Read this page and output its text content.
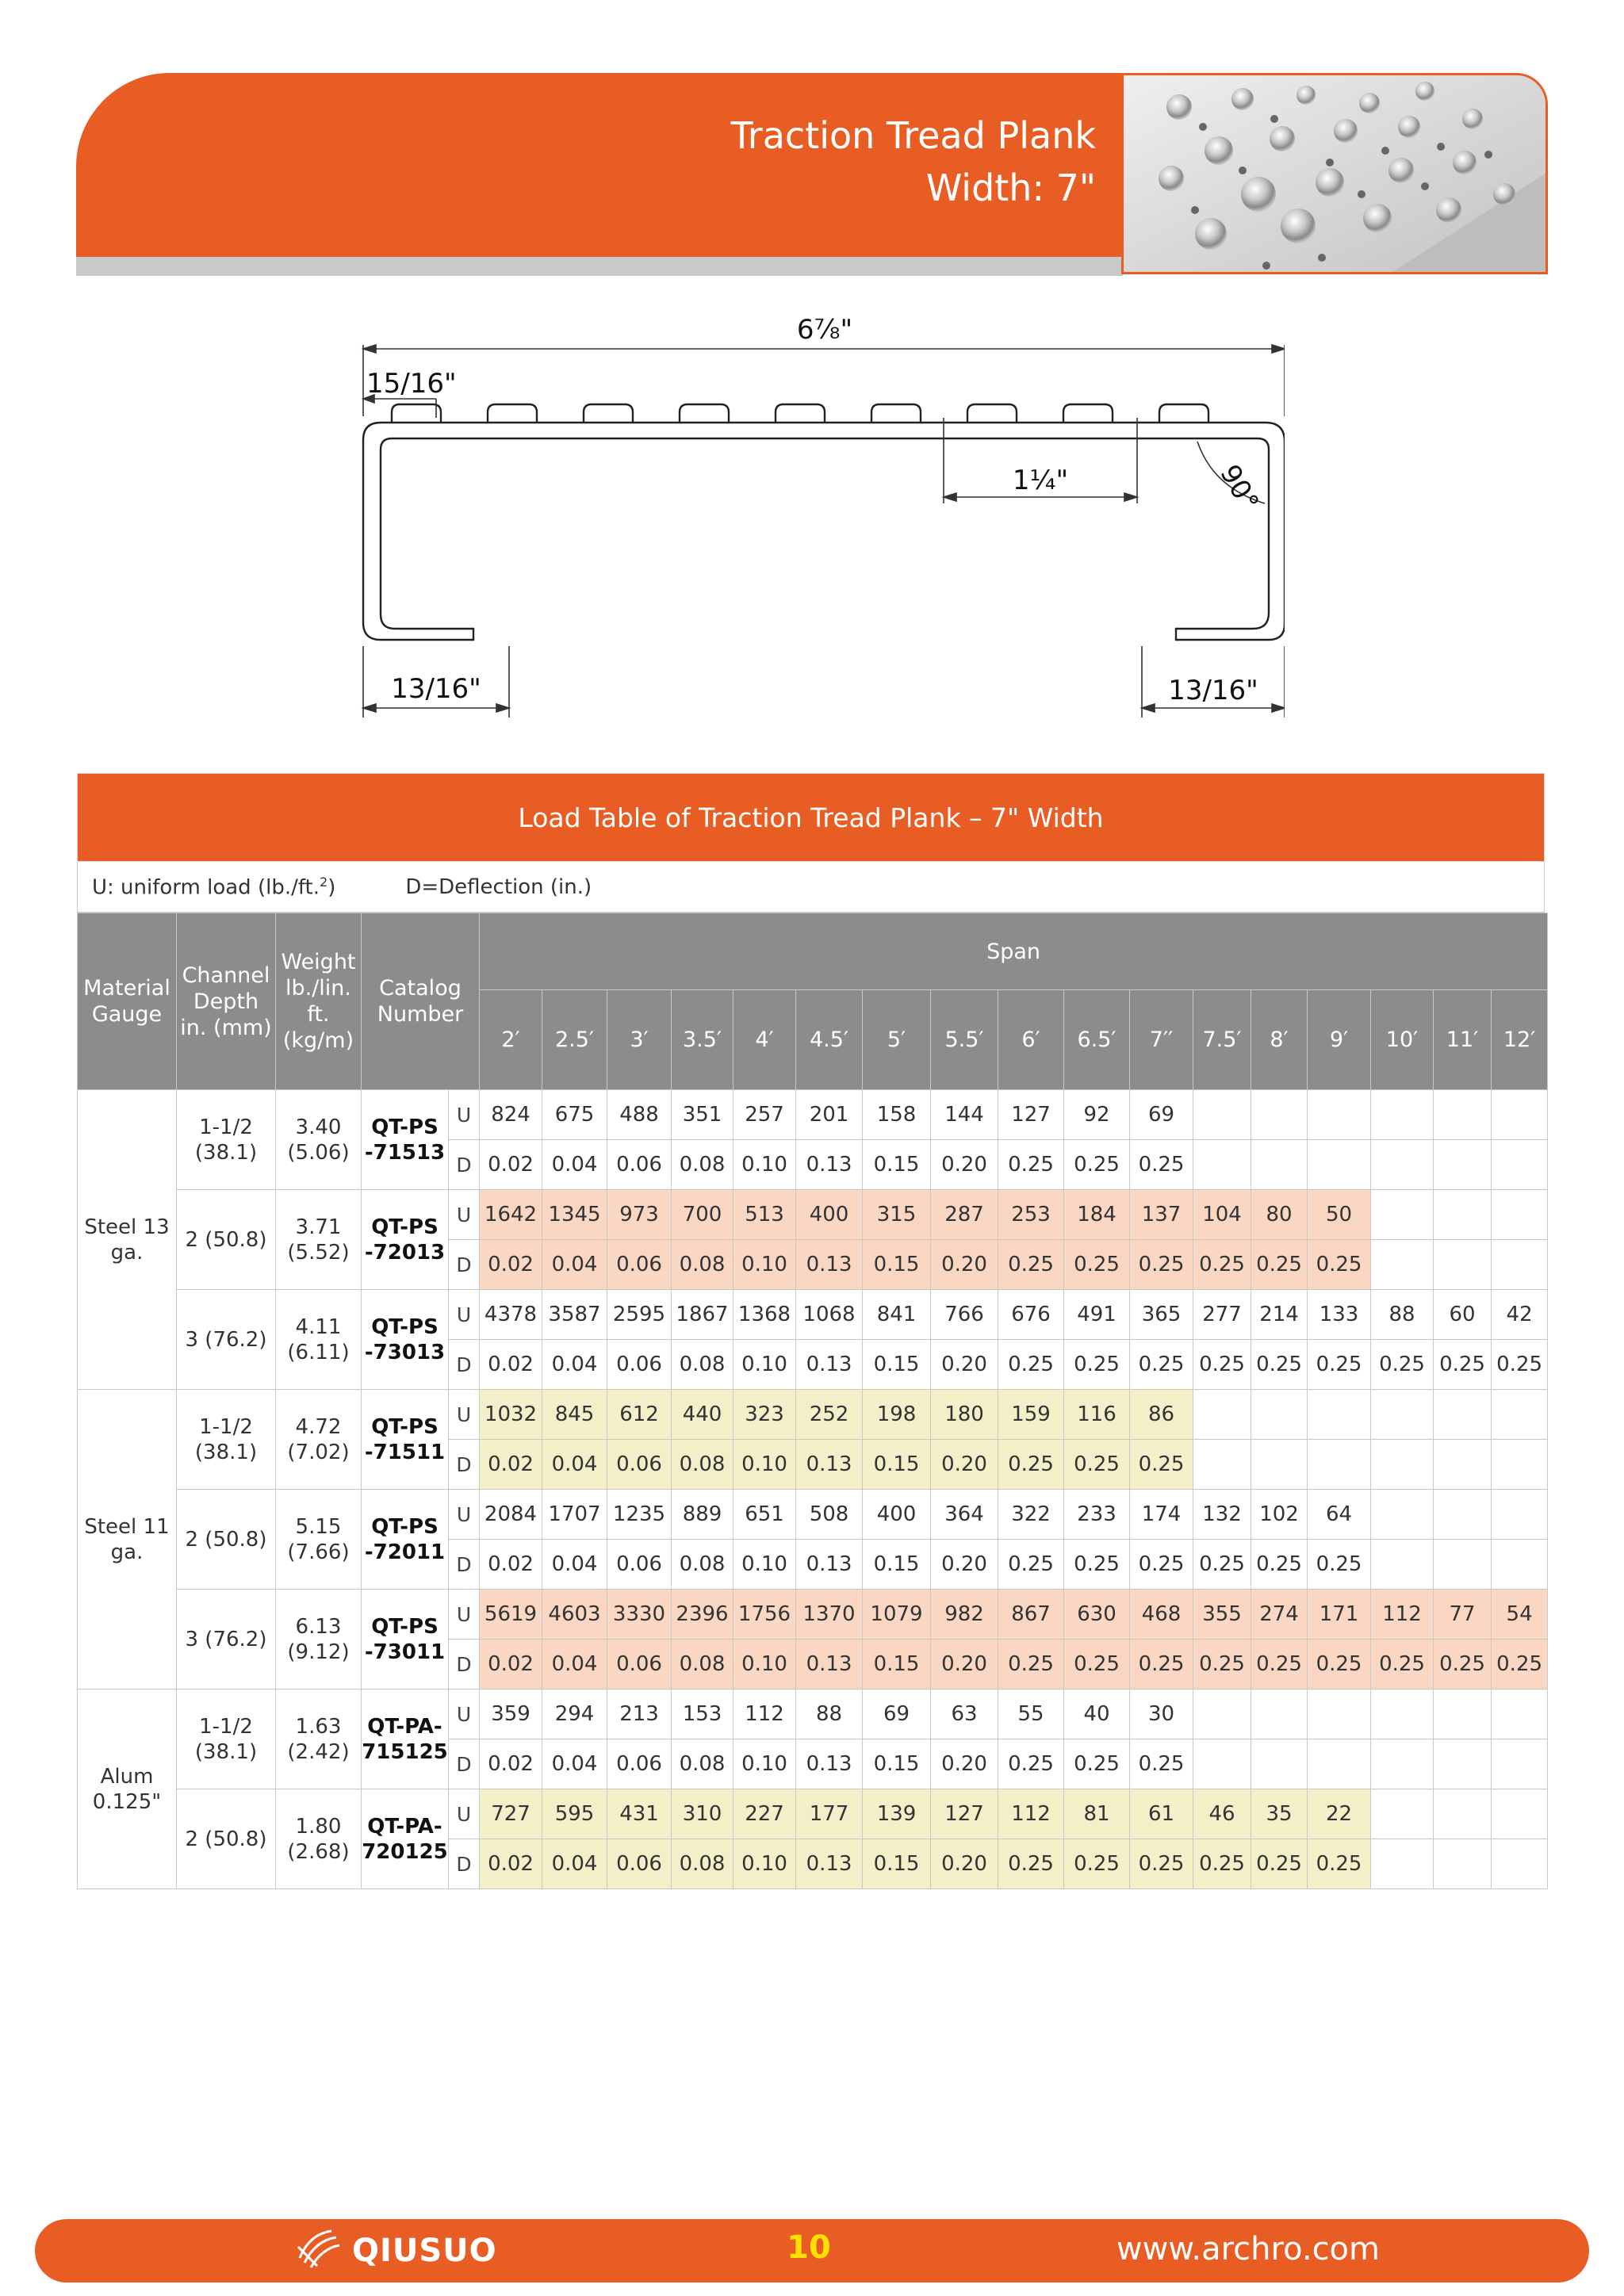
Traction Tread Plank
Width: 7"
6⅞"
15/16"
1¼"	90°
13/16"	13/16"
Load Table of Traction Tread Plank – 7" Width
U: uniform load (lb./ft.$^2$)	D=Deflection (in.)
Material Gauge	Channel Depth in. (mm)	Weight lb./lin. ft. (kg/m)	Catalog Number		Span																
					2′	2.5′	3′	3.5′	4′	4.5′	5′	5.5′	6′	6.5′	7′′	7.5′	8′	9′	10′	11′	12′
Steel 13 ga.	1-1/2 (38.1)	3.40 (5.06)	QT-PS -71513	U	824	675	488	351	257	201	158	144	127	92	69						
				D	0.02	0.04	0.06	0.08	0.10	0.13	0.15	0.20	0.25	0.25	0.25						
	2 (50.8)	3.71 (5.52)	QT-PS -72013	U	1642	1345	973	700	513	400	315	287	253	184	137	104	80	50			
				D	0.02	0.04	0.06	0.08	0.10	0.13	0.15	0.20	0.25	0.25	0.25	0.25	0.25	0.25			
	3 (76.2)	4.11 (6.11)	QT-PS -73013	U	4378	3587	2595	1867	1368	1068	841	766	676	491	365	277	214	133	88	60	42
				D	0.02	0.04	0.06	0.08	0.10	0.13	0.15	0.20	0.25	0.25	0.25	0.25	0.25	0.25	0.25	0.25	0.25
Steel 11 ga.	1-1/2 (38.1)	4.72 (7.02)	QT-PS -71511	U	1032	845	612	440	323	252	198	180	159	116	86						
				D	0.02	0.04	0.06	0.08	0.10	0.13	0.15	0.20	0.25	0.25	0.25						
	2 (50.8)	5.15 (7.66)	QT-PS -72011	U	2084	1707	1235	889	651	508	400	364	322	233	174	132	102	64			
				D	0.02	0.04	0.06	0.08	0.10	0.13	0.15	0.20	0.25	0.25	0.25	0.25	0.25	0.25			
	3 (76.2)	6.13 (9.12)	QT-PS -73011	U	5619	4603	3330	2396	1756	1370	1079	982	867	630	468	355	274	171	112	77	54
				D	0.02	0.04	0.06	0.08	0.10	0.13	0.15	0.20	0.25	0.25	0.25	0.25	0.25	0.25	0.25	0.25	0.25
Alum 0.125"	1-1/2 (38.1)	1.63 (2.42)	QT-PA- 715125	U	359	294	213	153	112	88	69	63	55	40	30						
				D	0.02	0.04	0.06	0.08	0.10	0.13	0.15	0.20	0.25	0.25	0.25						
	2 (50.8)	1.80 (2.68)	QT-PA- 720125	U	727	595	431	310	227	177	139	127	112	81	61	46	35	22			
				D	0.02	0.04	0.06	0.08	0.10	0.13	0.15	0.20	0.25	0.25	0.25	0.25	0.25	0.25			
QIUSUO	10	www.archro.com
